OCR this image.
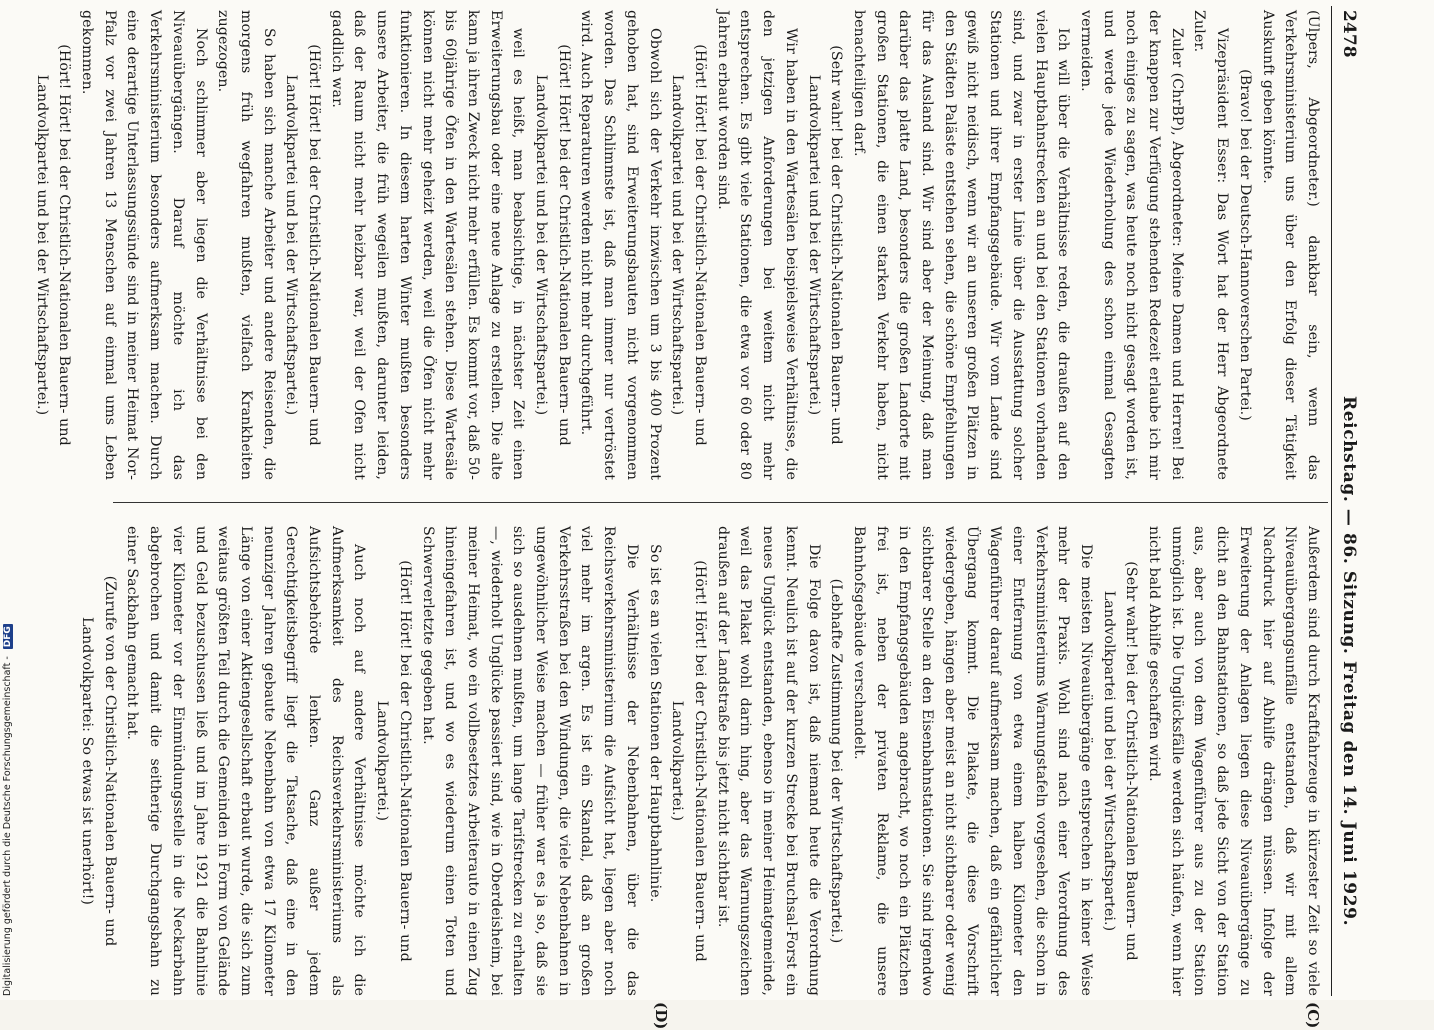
2478
Reichstag. — 86. Sitzung. Freitag den 14. Juni 1929.

(Ulpers, Abgeordneter.) dankbar sein, wenn das Verkehrsministerium uns über den Erfolg dieser Tätigkeit Auskunft geben könnte.

(Bravo! bei der Deutsch-Hannoverschen Partei.)

Vizepräsident Esser: Das Wort hat der Herr Abgeordnete Zuler.

Zuler (ChrBP), Abgeordneter: Meine Damen und Herren! Bei der knappen zur Verfügung stehenden Redezeit erlaube ich mir noch einiges zu sagen, was heute noch nicht gesagt worden ist, und werde jede Wiederholung des schon einmal Gesagten vermeiden.

Ich will über die Verhältnisse reden, die draußen auf den vielen Hauptbahnstrecken an und bei den Stationen vorhanden sind, und zwar in erster Linie über die Ausstattung solcher Stationen und ihrer Empfangsgebäude. Wir vom Lande sind gewiß nicht neidisch, wenn wir an unseren großen Plätzen in den Städten Paläste entstehen sehen, die schöne Empfehlungen für das Ausland sind. Wir sind aber der Meinung, daß man darüber das platte Land, besonders die großen Landorte mit großen Stationen, die einen starken Verkehr haben, nicht benachteiligen darf.

(Sehr wahr! bei der Christlich-Nationalen Bauern- und Landvolkpartei und bei der Wirtschaftspartei.)

Wir haben in den Wartesälen beispielsweise Verhältnisse, die den jetzigen Anforderungen bei weitem nicht mehr entsprechen. Es gibt viele Stationen, die etwa vor 60 oder 80 Jahren erbaut worden sind.

(Hört! Hört! bei der Christlich-Nationalen Bauern- und Landvolkpartei und bei der Wirtschaftspartei.)

Obwohl sich der Verkehr inzwischen um 3 bis 400 Prozent gehoben hat, sind Erweiterungsbauten nicht vorgenommen worden. Das Schlimmste ist, daß man immer nur vertröstet wird. Auch Reparaturen werden nicht mehr durchgeführt.

(Hört! Hört! bei der Christlich-Nationalen Bauern- und Landvolkpartei und bei der Wirtschaftspartei.)

weil es heißt, man beabsichtige, in nächster Zeit einen Erweiterungsbau oder eine neue Anlage zu erstellen. Die alte kann ja ihren Zweck nicht mehr erfüllen. Es kommt vor, daß 50- bis 60jährige Öfen in den Wartesälen stehen. Diese Wartesäle können nicht mehr geheizt werden, weil die Öfen nicht mehr funktionieren. In diesem harten Winter mußten besonders unsere Arbeiter, die früh wegeilen mußten, darunter leiden, daß der Raum nicht mehr heizbar war, weil der Ofen nicht gaddlich war.

(Hört! Hört! bei der Christlich-Nationalen Bauern- und Landvolkpartei und bei der Wirtschaftspartei.)

So haben sich manche Arbeiter und andere Reisenden, die morgens früh wegfahren mußten, vielfach Krankheiten zugezogen.

Noch schlimmer aber liegen die Verhältnisse bei den Niveauübergängen. Darauf möchte ich das Verkehrsministerium besonders aufmerksam machen. Durch eine derartige Unterlassungssünde sind in meiner Heimat Nor-Pfalz vor zwei Jahren 13 Menschen auf einmal ums Leben gekommen.

(Hört! Hört! bei der Christlich-Nationalen Bauern- und Landvolkpartei und bei der Wirtschaftspartei.)

Außerdem sind durch Kraftfahrzeuge in kürzester Zeit so viele Niveauübergangsunfälle entstanden, daß wir mit allem Nachdruck hier auf Abhilfe drängen müssen. Infolge der Erweiterung der Anlagen liegen diese Niveauübergänge zu dicht an den Bahnstationen, so daß jede Sicht von der Station aus, aber auch von dem Wagenführer aus zu der Station unmöglich ist. Die Unglücksfälle werden sich häufen, wenn hier nicht bald Abhilfe geschaffen wird.

(Sehr wahr! bei der Christlich-Nationalen Bauern- und Landvolkpartei und bei der Wirtschaftspartei.)

Die meisten Niveauübergänge entsprechen in keiner Weise mehr der Praxis. Wohl sind nach einer Verordnung des Verkehrsministeriums Warnungstafeln vorgesehen, die schon in einer Entfernung von etwa einem halben Kilometer den Wagenführer darauf aufmerksam machen, daß ein gefährlicher Übergang kommt. Die Plakate, die diese Vorschrift wiedergeben, hängen aber meist an nicht sichtbarer oder wenig sichtbarer Stelle an den Eisenbahnstationen. Sie sind irgendwo in den Empfangsgebäuden angebracht, wo noch ein Plätzchen frei ist, neben der privaten Reklame, die unsere Bahnhofsgebäude verschandelt.

(Lebhafte Zustimmung bei der Wirtschaftspartei.)

Die Folge davon ist, daß niemand heute die Verordnung kennt. Neulich ist auf der kurzen Strecke bei Bruchsal-Forst ein neues Unglück entstanden, ebenso in meiner Heimatgemeinde, weil das Plakat wohl darin hing, aber das Warnungszeichen draußen auf der Landstraße bis jetzt nicht sichtbar ist.

(Hört! Hört! bei der Christlich-Nationalen Bauern- und Landvolkpartei.)

So ist es an vielen Stationen der Hauptbahnlinie.

Die Verhältnisse der Nebenbahnen, über die das Reichsverkehrsministerium die Aufsicht hat, liegen aber noch viel mehr im argen. Es ist ein Skandal, daß an großen Verkehrsstraßen bei den Windungen, die viele Nebenbahnen in ungewöhnlicher Weise machen — früher war es ja so, daß sie sich so ausdehnen mußten, um lange Tarifstrecken zu erhalten —, wiederholt Unglücke passiert sind, wie in Oberdeisheim, bei meiner Heimat, wo ein vollbesetztes Arbeiterauto in einen Zug hineingefahren ist, und wo es wiederum einen Toten und Schwerverletzte gegeben hat.

(Hört! Hört! bei der Christlich-Nationalen Bauern- und Landvolkpartei.)

Auch noch auf andere Verhältnisse möchte ich die Aufmerksamkeit des Reichsverkehrsministeriums als Aufsichtsbehörde lenken. Ganz außer jedem Gerechtigkeitsbegriff liegt die Tatsache, daß eine in den neunziger Jahren gebaute Nebenbahn von etwa 17 Kilometer Länge von einer Aktiengesellschaft erbaut wurde, die sich zum weitaus größten Teil durch die Gemeinden in Form von Gelände und Geld bezuschussen ließ und im Jahre 1921 die Bahnlinie vier Kilometer vor der Einmündungsstelle in die Neckarbahn abgebrochen und damit die seitherige Durchgangsbahn zu einer Sackbahn gemacht hat.

(Zurufe von der Christlich-Nationalen Bauern- und Landvolkpartei: So etwas ist unerhört!)

(C)
(D)
Digitalisierung gefördert durch die Deutsche Forschungsgemeinschaft - DFG
